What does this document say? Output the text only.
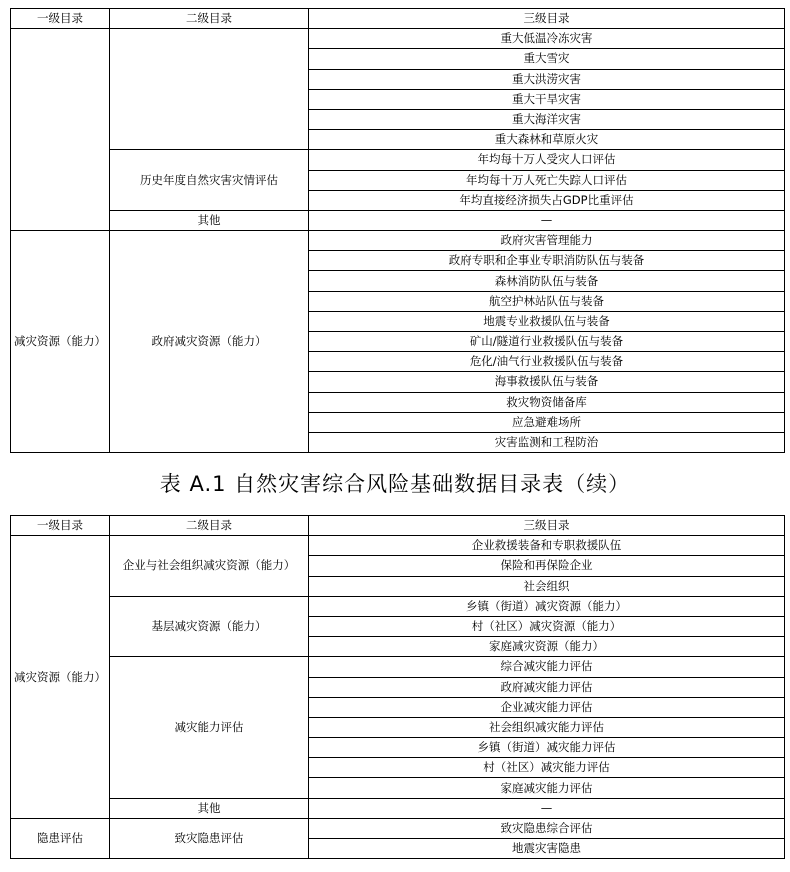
一级目录	二级目录	三级目录
		重大低温冷冻灾害
		重大雪灾
		重大洪涝灾害
		重大干旱灾害
		重大海洋灾害
		重大森林和草原火灾
	历史年度自然灾害灾情评估	年均每十万人受灾人口评估
		年均每十万人死亡失踪人口评估
		年均直接经济损失占GDP比重评估
	其他	—

减灾资源（能力）	政府减灾资源（能力）	政府灾害管理能力
		政府专职和企事业专职消防队伍与装备
		森林消防队伍与装备
		航空护林站队伍与装备
		地震专业救援队伍与装备
		矿山/隧道行业救援队伍与装备
		危化/油气行业救援队伍与装备
		海事救援队伍与装备
		救灾物资储备库
		应急避难场所
		灾害监测和工程防治
表 A.1 自然灾害综合风险基础数据目录表（续）
一级目录	二级目录	三级目录

减灾资源（能力）	企业与社会组织减灾资源（能力）	企业救援装备和专职救援队伍
		保险和再保险企业
		社会组织
	基层减灾资源（能力）	乡镇（街道）减灾资源（能力）
		村（社区）减灾资源（能力）
		家庭减灾资源（能力）
	减灾能力评估	综合减灾能力评估
		政府减灾能力评估
		企业减灾能力评估
		社会组织减灾能力评估
		乡镇（街道）减灾能力评估
		村（社区）减灾能力评估
		家庭减灾能力评估
	其他	—
隐患评估	致灾隐患评估	致灾隐患综合评估
		地震灾害隐患
